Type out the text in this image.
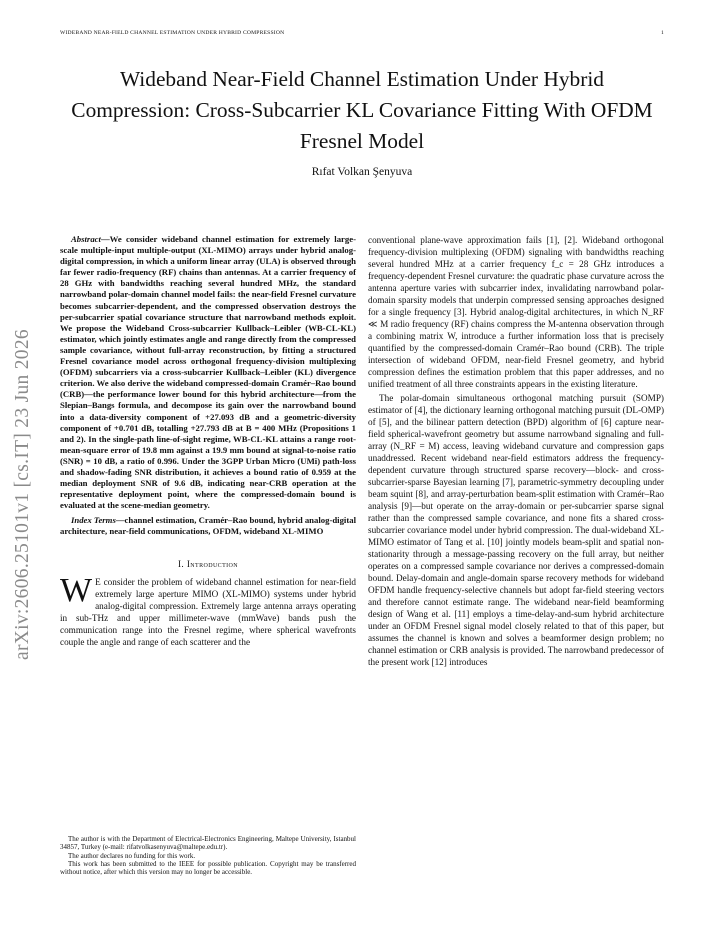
WIDEBAND NEAR-FIELD CHANNEL ESTIMATION UNDER HYBRID COMPRESSION	1
arXiv:2606.25101v1 [cs.IT] 23 Jun 2026
Wideband Near-Field Channel Estimation Under Hybrid Compression: Cross-Subcarrier KL Covariance Fitting With OFDM Fresnel Model
Rıfat Volkan Şenyuva

Abstract—We consider wideband channel estimation for extremely large-scale multiple-input multiple-output (XL-MIMO) arrays under hybrid analog-digital compression, in which a uniform linear array (ULA) is observed through far fewer radio-frequency (RF) chains than antennas. At a carrier frequency of 28 GHz with bandwidths reaching several hundred MHz, the standard narrowband polar-domain channel model fails: the near-field Fresnel curvature becomes subcarrier-dependent, and the compressed observation destroys the per-subcarrier spatial covariance structure that narrowband methods exploit. We propose the Wideband Cross-subcarrier Kullback–Leibler (WB-CL-KL) estimator, which jointly estimates angle and range directly from the compressed sample covariance, without full-array reconstruction, by fitting a structured Fresnel covariance model across orthogonal frequency-division multiplexing (OFDM) subcarriers via a cross-subcarrier Kullback–Leibler (KL) divergence criterion. We also derive the wideband compressed-domain Cramér–Rao bound (CRB)—the performance lower bound for this hybrid architecture—from the Slepian–Bangs formula, and decompose its gain over the narrowband bound into a data-diversity component of +27.093 dB and a geometric-diversity component of +0.701 dB, totalling +27.793 dB at B = 400 MHz (Propositions 1 and 2). In the single-path line-of-sight regime, WB-CL-KL attains a range root-mean-square error of 19.8 mm against a 19.9 mm bound at signal-to-noise ratio (SNR) = 10 dB, a ratio of 0.996. Under the 3GPP Urban Micro (UMi) path-loss and shadow-fading SNR distribution, it achieves a bound ratio of 0.959 at the median deployment SNR of 9.6 dB, indicating near-CRB operation at the representative deployment point, where the compressed-domain bound is evaluated at the scene-median geometry.

Index Terms—channel estimation, Cramér–Rao bound, hybrid analog-digital architecture, near-field communications, OFDM, wideband XL-MIMO

I. Introduction

W E consider the problem of wideband channel estimation for near-field extremely large aperture MIMO (XL-MIMO) systems under hybrid analog-digital compression. Extremely large antenna arrays operating in sub-THz and upper millimeter-wave (mmWave) bands push the communication range into the Fresnel regime, where spherical wavefronts couple the angle and range of each scatterer and the

The author is with the Department of Electrical-Electronics Engineering, Maltepe University, Istanbul 34857, Turkey (e-mail: rifatvolkasenyuva@maltepe.edu.tr).

The author declares no funding for this work.

This work has been submitted to the IEEE for possible publication. Copyright may be transferred without notice, after which this version may no longer be accessible.

conventional plane-wave approximation fails [1], [2]. Wideband orthogonal frequency-division multiplexing (OFDM) signaling with bandwidths reaching several hundred MHz at a carrier frequency f_c = 28 GHz introduces a frequency-dependent Fresnel curvature: the quadratic phase curvature across the antenna aperture varies with subcarrier index, invalidating narrowband polar-domain sparsity models that underpin compressed sensing approaches designed for a single frequency [3]. Hybrid analog-digital architectures, in which N_RF ≪ M radio frequency (RF) chains compress the M-antenna observation through a combining matrix W, introduce a further information loss that is precisely quantified by the compressed-domain Cramér–Rao bound (CRB). The triple intersection of wideband OFDM, near-field Fresnel geometry, and hybrid compression defines the estimation problem that this paper addresses, and no unified treatment of all three constraints appears in the existing literature.

The polar-domain simultaneous orthogonal matching pursuit (SOMP) estimator of [4], the dictionary learning orthogonal matching pursuit (DL-OMP) of [5], and the bilinear pattern detection (BPD) algorithm of [6] capture near-field spherical-wavefront geometry but assume narrowband signaling and full-array (N_RF = M) access, leaving wideband curvature and compression gaps unaddressed. Recent wideband near-field estimators address the frequency-dependent curvature through structured sparse recovery—block- and cross-subcarrier-sparse Bayesian learning [7], parametric-symmetry decoupling under beam squint [8], and array-perturbation beam-split estimation with Cramér–Rao analysis [9]—but operate on the array-domain or per-subcarrier sparse signal rather than the compressed sample covariance, and none fits a shared cross-subcarrier covariance model under hybrid compression. The dual-wideband XL-MIMO estimator of Tang et al. [10] jointly models beam-split and spatial non-stationarity through a message-passing recovery on the full array, but neither operates on a compressed sample covariance nor derives a compressed-domain bound. Delay-domain and angle-domain sparse recovery methods for wideband OFDM handle frequency-selective channels but adopt far-field steering vectors and therefore cannot estimate range. The wideband near-field beamforming design of Wang et al. [11] employs a time-delay-and-sum hybrid architecture under an OFDM Fresnel signal model closely related to that of this paper, but assumes the channel is known and solves a beamformer design problem; no channel estimation or CRB analysis is provided. The narrowband predecessor of the present work [12] introduces
